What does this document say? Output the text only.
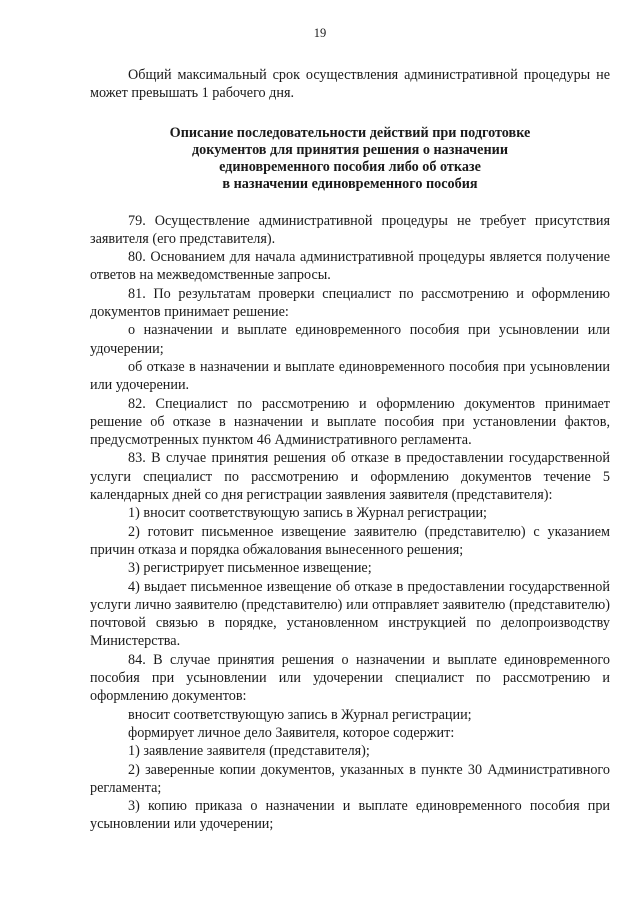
19

Общий максимальный срок осуществления административной процедуры не может превышать 1 рабочего дня.

Описание последовательности действий при подготовке
документов для принятия решения о назначении
единовременного пособия либо об отказе
в назначении единовременного пособия

79. Осуществление административной процедуры не требует присутствия заявителя (его представителя).

80. Основанием для начала административной процедуры является получение ответов на межведомственные запросы.

81. По результатам проверки специалист по рассмотрению и оформлению документов принимает решение:

о назначении и выплате единовременного пособия при усыновлении или удочерении;

об отказе в назначении и выплате единовременного пособия при усыновлении или удочерении.

82. Специалист по рассмотрению и оформлению документов принимает решение об отказе в назначении и выплате пособия при установлении фактов, предусмотренных пунктом 46 Административного регламента.

83. В случае принятия решения об отказе в предоставлении государственной услуги специалист по рассмотрению и оформлению документов течение 5 календарных дней со дня регистрации заявления заявителя (представителя):

1) вносит соответствующую запись в Журнал регистрации;

2) готовит письменное извещение заявителю (представителю) с указанием причин отказа и порядка обжалования вынесенного решения;

3) регистрирует письменное извещение;

4) выдает письменное извещение об отказе в предоставлении государственной услуги лично заявителю (представителю) или отправляет заявителю (представителю) почтовой связью в порядке, установленном инструкцией по делопроизводству Министерства.

84. В случае принятия решения о назначении и выплате единовременного пособия при усыновлении или удочерении специалист по рассмотрению и оформлению документов:

вносит соответствующую запись в Журнал регистрации;

формирует личное дело Заявителя, которое содержит:

1) заявление заявителя (представителя);

2) заверенные копии документов, указанных в пункте 30 Административного регламента;

3) копию приказа о назначении и выплате единовременного пособия при усыновлении или удочерении;
